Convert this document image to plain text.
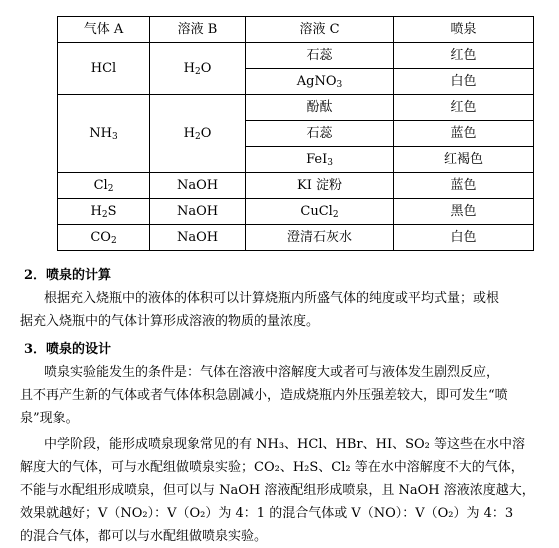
气体 A	溶液 B	溶液 C	喷泉
HCl	$H_2O$	石蕊	红色
		AgNO$_3$	白色
$NH_3$	$H_2O$	酚酞	红色
		石蕊	蓝色
		FeI$_3$	红褐色
$Cl_2$	NaOH	KI 淀粉	蓝色
$H_2S$	NaOH	CuCl$_2$	黑色
$CO_2$	NaOH	澄清石灰水	白色
2．喷泉的计算
根据充入烧瓶中的液体的体积可以计算烧瓶内所盛气体的纯度或平均式量；或根
据充入烧瓶中的气体计算形成溶液的物质的量浓度。
3．喷泉的设计
喷泉实验能发生的条件是：气体在溶液中溶解度大或者可与液体发生剧烈反应，
且不再产生新的气体或者气体体积急剧减小，造成烧瓶内外压强差较大，即可发生“喷
泉”现象。
中学阶段，能形成喷泉现象常见的有 NH₃、HCl、HBr、HI、SO₂ 等这些在水中溶
解度大的气体，可与水配组做喷泉实验；CO₂、H₂S、Cl₂ 等在水中溶解度不大的气体，
不能与水配组形成喷泉，但可以与 NaOH 溶液配组形成喷泉，且 NaOH 溶液浓度越大，
效果就越好；V（NO₂）：V（O₂）为 4：1 的混合气体或 V（NO）：V（O₂）为 4：3
的混合气体，都可以与水配组做喷泉实验。
